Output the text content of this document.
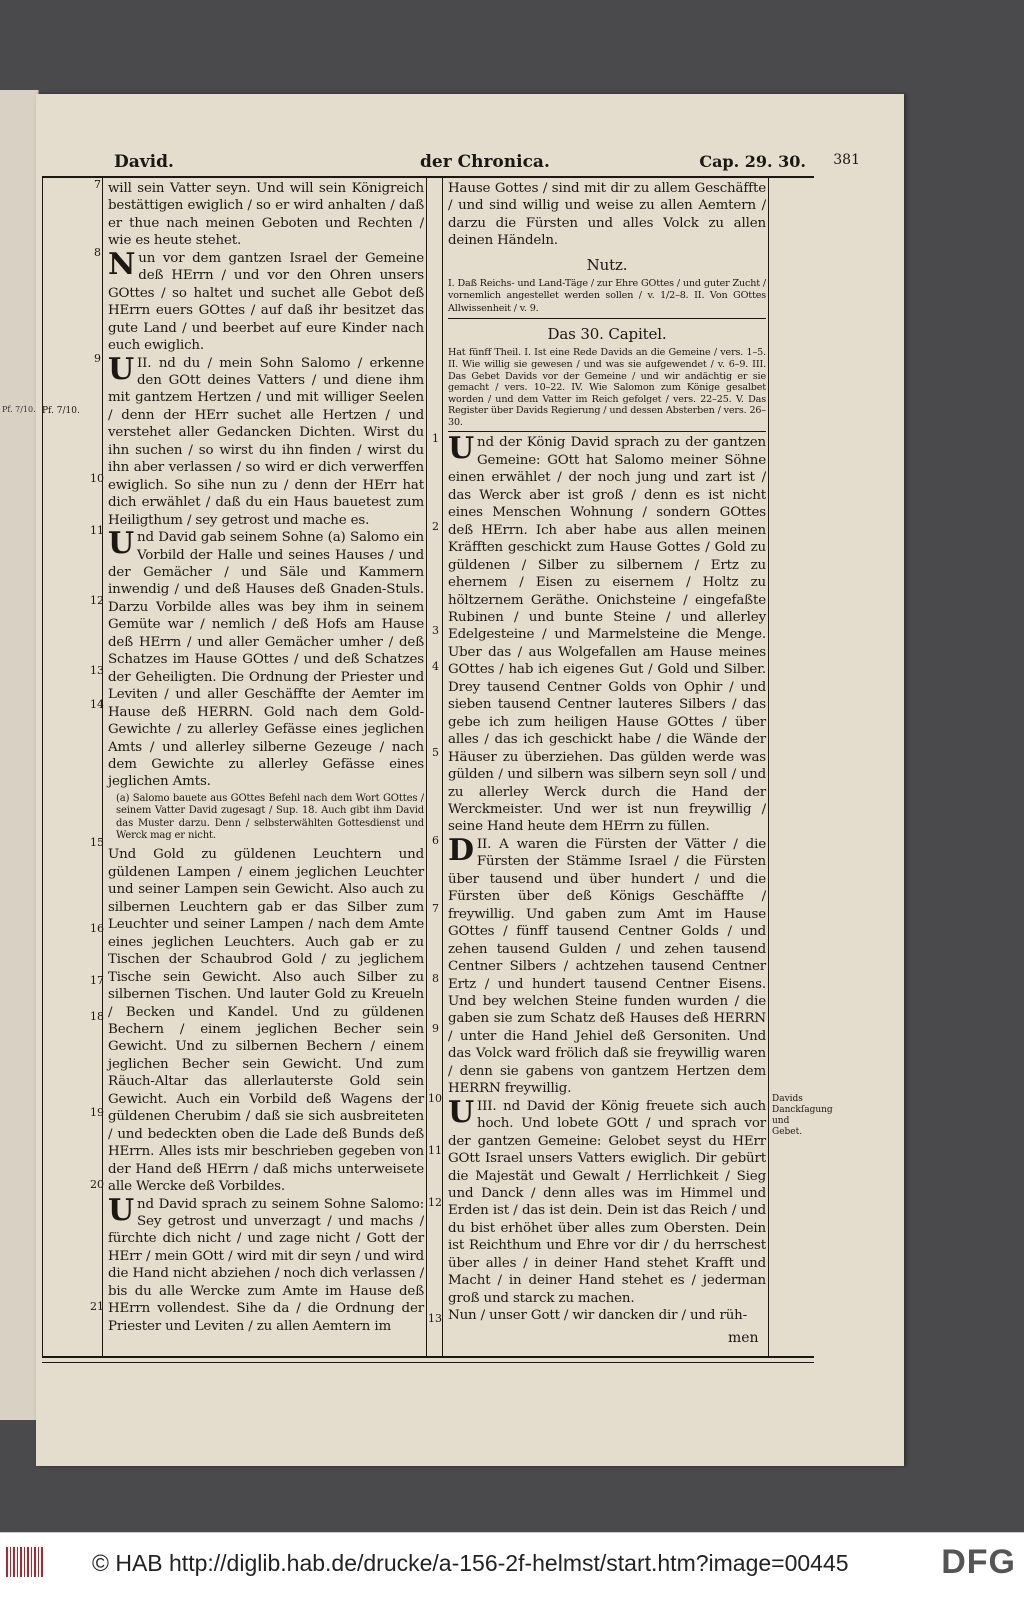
Pf. 7/10.
David.	der Chronica.	Cap. 29. 30. 381
Pf. 7/10.
7
8
9
10
11
12
13
14
15
16
17
18
19
20
21
1
2
3
4
5
6
7
8
9
10
11
12
13

will sein Vatter seyn. Und will sein Königreich bestättigen ewiglich / so er wird anhalten / daß er thue nach meinen Geboten und Rechten / wie es heute stehet.

Nun vor dem gantzen Israel der Gemeine deß HErrn / und vor den Ohren unsers GOttes / so haltet und suchet alle Gebot deß HErrn euers GOttes / auf daß ihr besitzet das gute Land / und beerbet auf eure Kinder nach euch ewiglich.

UII. nd du / mein Sohn Salomo / erkenne den GOtt deines Vatters / und diene ihm mit gantzem Hertzen / und mit williger Seelen / denn der HErr suchet alle Hertzen / und verstehet aller Gedancken Dichten. Wirst du ihn suchen / so wirst du ihn finden / wirst du ihn aber verlassen / so wird er dich verwerffen ewiglich. So sihe nun zu / denn der HErr hat dich erwählet / daß du ein Haus bauetest zum Heiligthum / sey getrost und mache es.

Und David gab seinem Sohne (a) Salomo ein Vorbild der Halle und seines Hauses / und der Gemächer / und Säle und Kammern inwendig / und deß Hauses deß Gnaden-Stuls. Darzu Vorbilde alles was bey ihm in seinem Gemüte war / nemlich / deß Hofs am Hause deß HErrn / und aller Gemächer umher / deß Schatzes im Hause GOttes / und deß Schatzes der Geheiligten. Die Ordnung der Priester und Leviten / und aller Geschäffte der Aemter im Hause deß HERRN. Gold nach dem Gold-Gewichte / zu allerley Gefässe eines jeglichen Amts / und allerley silberne Gezeuge / nach dem Gewichte zu allerley Gefässe eines jeglichen Amts.

(a) Salomo bauete aus GOttes Befehl nach dem Wort GOttes / seinem Vatter David zugesagt / Sup. 18. Auch gibt ihm David das Muster darzu. Denn / selbsterwählten Gottesdienst und Werck mag er nicht.

Und Gold zu güldenen Leuchtern und güldenen Lampen / einem jeglichen Leuchter und seiner Lampen sein Gewicht. Also auch zu silbernen Leuchtern gab er das Silber zum Leuchter und seiner Lampen / nach dem Amte eines jeglichen Leuchters. Auch gab er zu Tischen der Schaubrod Gold / zu jeglichem Tische sein Gewicht. Also auch Silber zu silbernen Tischen. Und lauter Gold zu Kreueln / Becken und Kandel. Und zu güldenen Bechern / einem jeglichen Becher sein Gewicht. Und zu silbernen Bechern / einem jeglichen Becher sein Gewicht. Und zum Räuch-Altar das allerlauterste Gold sein Gewicht. Auch ein Vorbild deß Wagens der güldenen Cherubim / daß sie sich ausbreiteten / und bedeckten oben die Lade deß Bunds deß HErrn. Alles ists mir beschrieben gegeben von der Hand deß HErrn / daß michs unterweisete alle Wercke deß Vorbildes.

Und David sprach zu seinem Sohne Salomo: Sey getrost und unverzagt / und machs / fürchte dich nicht / und zage nicht / Gott der HErr / mein GOtt / wird mit dir seyn / und wird die Hand nicht abziehen / noch dich verlassen / bis du alle Wercke zum Amte im Hause deß HErrn vollendest. Sihe da / die Ordnung der Priester und Leviten / zu allen Aemtern im

Hause Gottes / sind mit dir zu allem Geschäffte / und sind willig und weise zu allen Aemtern / darzu die Fürsten und alles Volck zu allen deinen Händeln.

Nutz.

I. Daß Reichs- und Land-Täge / zur Ehre GOttes / und guter Zucht / vornemlich angestellet werden sollen / v. 1/2–8. II. Von GOttes Allwissenheit / v. 9.

Das 30. Capitel.

Hat fünff Theil. I. Ist eine Rede Davids an die Gemeine / vers. 1–5. II. Wie willig sie gewesen / und was sie aufgewendet / v. 6–9. III. Das Gebet Davids vor der Gemeine / und wir andächtig er sie gemacht / vers. 10–22. IV. Wie Salomon zum Könige gesalbet worden / und dem Vatter im Reich gefolget / vers. 22–25. V. Das Register über Davids Regierung / und dessen Absterben / vers. 26–30.

Und der König David sprach zu der gantzen Gemeine: GOtt hat Salomo meiner Söhne einen erwählet / der noch jung und zart ist / das Werck aber ist groß / denn es ist nicht eines Menschen Wohnung / sondern GOttes deß HErrn. Ich aber habe aus allen meinen Kräfften geschickt zum Hause Gottes / Gold zu güldenen / Silber zu silbernem / Ertz zu ehernem / Eisen zu eisernem / Holtz zu höltzernem Geräthe. Onichsteine / eingefaßte Rubinen / und bunte Steine / und allerley Edelgesteine / und Marmelsteine die Menge. Uber das / aus Wolgefallen am Hause meines GOttes / hab ich eigenes Gut / Gold und Silber. Drey tausend Centner Golds von Ophir / und sieben tausend Centner lauteres Silbers / das gebe ich zum heiligen Hause GOttes / über alles / das ich geschickt habe / die Wände der Häuser zu überziehen. Das gülden werde was gülden / und silbern was silbern seyn soll / und zu allerley Werck durch die Hand der Werckmeister. Und wer ist nun freywillig / seine Hand heute dem HErrn zu füllen.

DII. A waren die Fürsten der Vätter / die Fürsten der Stämme Israel / die Fürsten über tausend und über hundert / und die Fürsten über deß Königs Geschäffte / freywillig. Und gaben zum Amt im Hause GOttes / fünff tausend Centner Golds / und zehen tausend Gulden / und zehen tausend Centner Silbers / achtzehen tausend Centner Ertz / und hundert tausend Centner Eisens. Und bey welchen Steine funden wurden / die gaben sie zum Schatz deß Hauses deß HERRN / unter die Hand Jehiel deß Gersoniten. Und das Volck ward frölich daß sie freywillig waren / denn sie gabens von gantzem Hertzen dem HERRN freywillig.

UIII. nd David der König freuete sich auch hoch. Und lobete GOtt / und sprach vor der gantzen Gemeine: Gelobet seyst du HErr GOtt Israel unsers Vatters ewiglich. Dir gebürt die Majestät und Gewalt / Herrlichkeit / Sieg und Danck / denn alles was im Himmel und Erden ist / das ist dein. Dein ist das Reich / und du bist erhöhet über alles zum Obersten. Dein ist Reichthum und Ehre vor dir / du herrschest über alles / in deiner Hand stehet Krafft und Macht / in deiner Hand stehet es / jederman groß und starck zu machen.

Nun / unser Gott / wir dancken dir / und rüh-

Davids Danckſagung und Gebet.
men
© HAB http://diglib.hab.de/drucke/a-156-2f-helmst/start.htm?image=00445	DFG
